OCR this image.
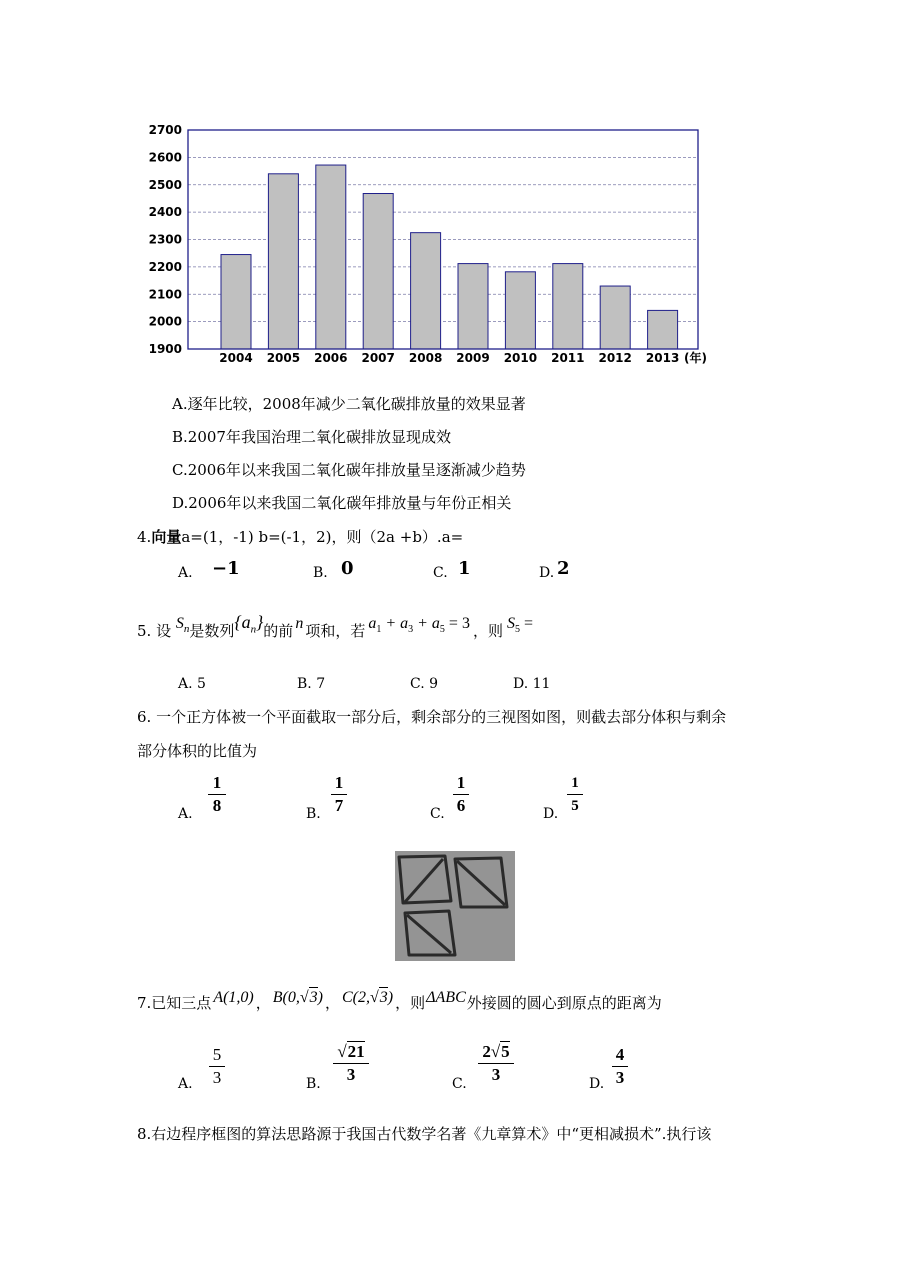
2700
2600
2500
2400
2300
2200
2100
2000
1900
2004 2005 2006 2007 2008 2009 2010 2011 2012 2013 (年)
A.逐年比较，2008年减少二氧化碳排放量的效果显著
B.2007年我国治理二氧化碳排放显现成效
C.2006年以来我国二氧化碳年排放量呈逐渐减少趋势
D.2006年以来我国二氧化碳年排放量与年份正相关
4.向量a=(1，-1) b=(-1，2)，则（2a +b）.a=
A. −1	B. 0	C. 1	D. 2
5. 设 $S_n$是数列$\{a_n\}$的前 n 项和，若 $a_1 + a_3 + a_5 = 3$ ，则 $S_5$ =
A. 5	B. 7	C. 9	D. 11
6. 一个正方体被一个平面截取一部分后，剩余部分的三视图如图，则截去部分体积与剩余
部分体积的比值为
A.
1
8	B.
1
7	C.
1
6	D.
1
5
7.已知三点 A(1,0) ， B(0,√3) ， C(2,√3) ，则ΔABC外接圆的圆心到原点的距离为
A.
5
3	B.
√21
3	C.
2√5
3	D.
4
3
8.右边程序框图的算法思路源于我国古代数学名著《九章算术》中“更相减损术”.执行该
